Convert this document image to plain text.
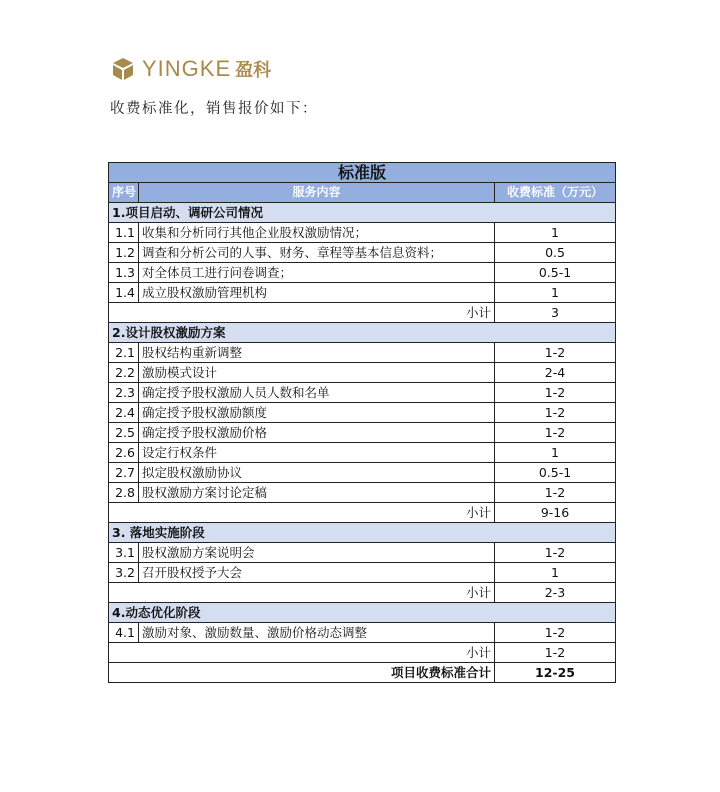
YINGKE 盈科
收费标准化，销售报价如下：
标准版		
序号	服务内容	收费标准（万元）
1.项目启动、调研公司情况		
1.1	收集和分析同行其他企业股权激励情况；	1
1.2	调查和分析公司的人事、财务、章程等基本信息资料；	0.5
1.3	对全体员工进行问卷调查；	0.5-1
1.4	成立股权激励管理机构	1
小计		3
2.设计股权激励方案		
2.1	股权结构重新调整	1-2
2.2	激励模式设计	2-4
2.3	确定授予股权激励人员人数和名单	1-2
2.4	确定授予股权激励额度	1-2
2.5	确定授予股权激励价格	1-2
2.6	设定行权条件	1
2.7	拟定股权激励协议	0.5-1
2.8	股权激励方案讨论定稿	1-2
小计		9-16
3. 落地实施阶段		
3.1	股权激励方案说明会	1-2
3.2	召开股权授予大会	1
小计		2-3
4.动态优化阶段		
4.1	激励对象、激励数量、激励价格动态调整	1-2
小计		1-2
项目收费标准合计		12-25
